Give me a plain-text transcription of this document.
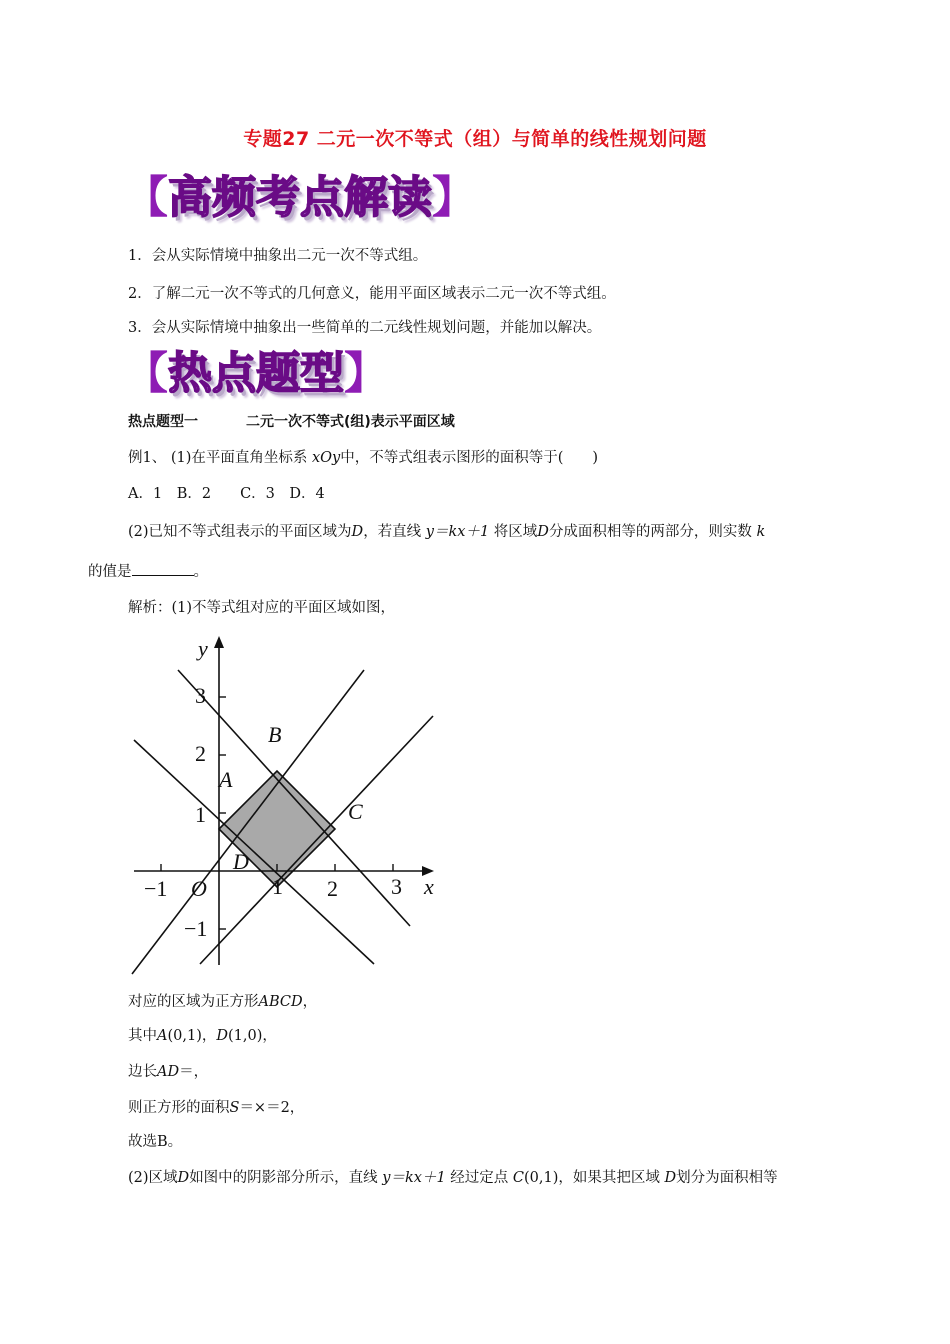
专题27 二元一次不等式（组）与简单的线性规划问题
【高频考点解读】
1．会从实际情境中抽象出二元一次不等式组。
2．了解二元一次不等式的几何意义，能用平面区域表示二元一次不等式组。
3．会从实际情境中抽象出一些简单的二元线性规划问题，并能加以解决。
【热点题型】
热点题型一	二元一次不等式(组)表示平面区域
例1、 (1)在平面直角坐标系 xOy中，不等式组表示图形的面积等于(　　)
A．1　B．2　　C．3　D．4
(2)已知不等式组表示的平面区域为D，若直线 y＝kx＋1 将区域D分成面积相等的两部分，则实数 k
的值是	。
解析：(1)不等式组对应的平面区域如图，
y
x
O
A
B
C
D
−1	1 2 3
1
2
3
−1
对应的区域为正方形ABCD，
其中A(0,1)，D(1,0)，
边长AD＝，
则正方形的面积S＝×＝2，
故选B。
(2)区域D如图中的阴影部分所示，直线 y＝kx＋1 经过定点 C(0,1)，如果其把区域 D划分为面积相等
